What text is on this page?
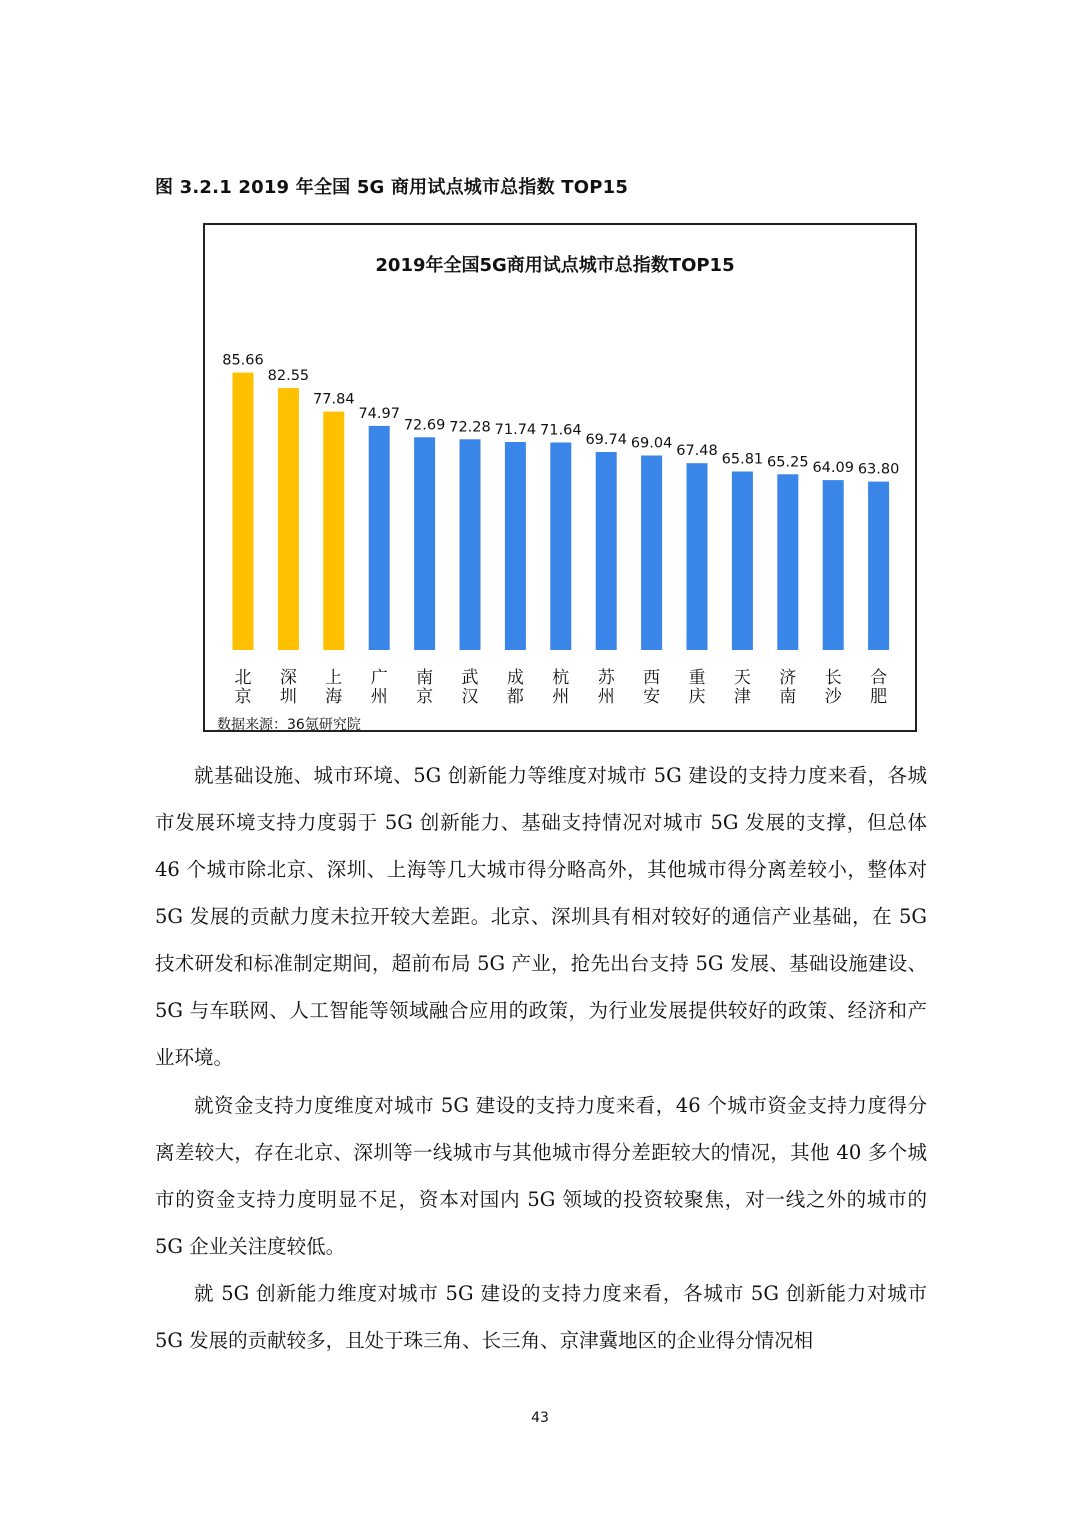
图 3.2.1 2019 年全国 5G 商用试点城市总指数 TOP15
2019年全国5G商用试点城市总指数TOP15
85.66
82.55
77.84
74.97
72.69 72.28 71.74 71.64
69.74 69.04 67.48
65.81 65.25 64.09 63.80
北
京
深
圳
上
海
广
州
南
京
武
汉
成
都
杭
州
苏
州
西
安
重
庆
天
津
济
南
长
沙
合
肥
数据来源：36氪研究院

就基础设施、城市环境、5G 创新能力等维度对城市 5G 建设的支持力度来看，各城市发展环境支持力度弱于 5G 创新能力、基础支持情况对城市 5G 发展的支撑，但总体 46 个城市除北京、深圳、上海等几大城市得分略高外，其他城市得分离差较小，整体对 5G 发展的贡献力度未拉开较大差距。北京、深圳具有相对较好的通信产业基础，在 5G 技术研发和标准制定期间，超前布局 5G 产业，抢先出台支持 5G 发展、基础设施建设、5G 与车联网、人工智能等领域融合应用的政策，为行业发展提供较好的政策、经济和产业环境。

就资金支持力度维度对城市 5G 建设的支持力度来看，46 个城市资金支持力度得分离差较大，存在北京、深圳等一线城市与其他城市得分差距较大的情况，其他 40 多个城市的资金支持力度明显不足，资本对国内 5G 领域的投资较聚焦，对一线之外的城市的 5G 企业关注度较低。

就 5G 创新能力维度对城市 5G 建设的支持力度来看，各城市 5G 创新能力对城市 5G 发展的贡献较多，且处于珠三角、长三角、京津冀地区的企业得分情况相

43
